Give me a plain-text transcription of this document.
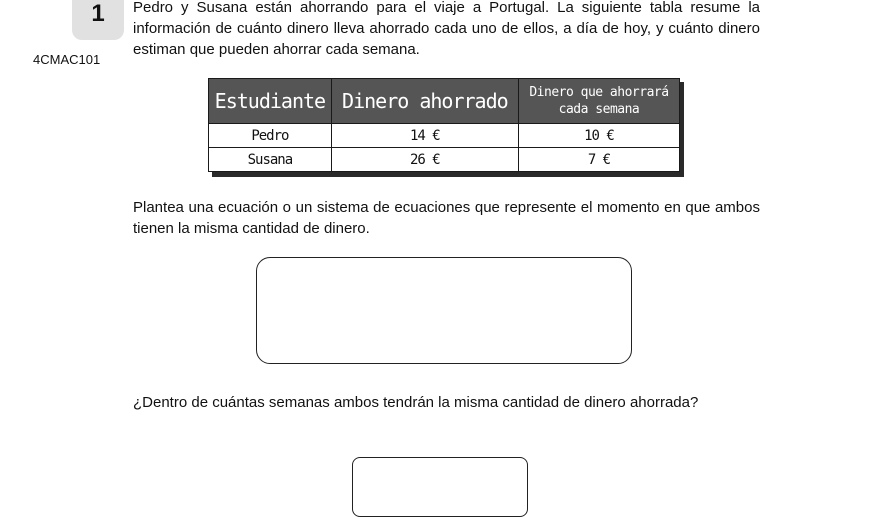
1
4CMAC101
Pedro y Susana están ahorrando para el viaje a Portugal. La siguiente tabla resume la información de cuánto dinero lleva ahorrado cada uno de ellos, a día de hoy, y cuánto dinero estiman que pueden ahorrar cada semana.
Estudiante	Dinero ahorrado	Dinero que ahorrará cada semana
Pedro	14 €	10 €
Susana	26 €	7 €
Plantea una ecuación o un sistema de ecuaciones que represente el momento en que ambos tienen la misma cantidad de dinero.
¿Dentro de cuántas semanas ambos tendrán la misma cantidad de dinero ahorrada?
